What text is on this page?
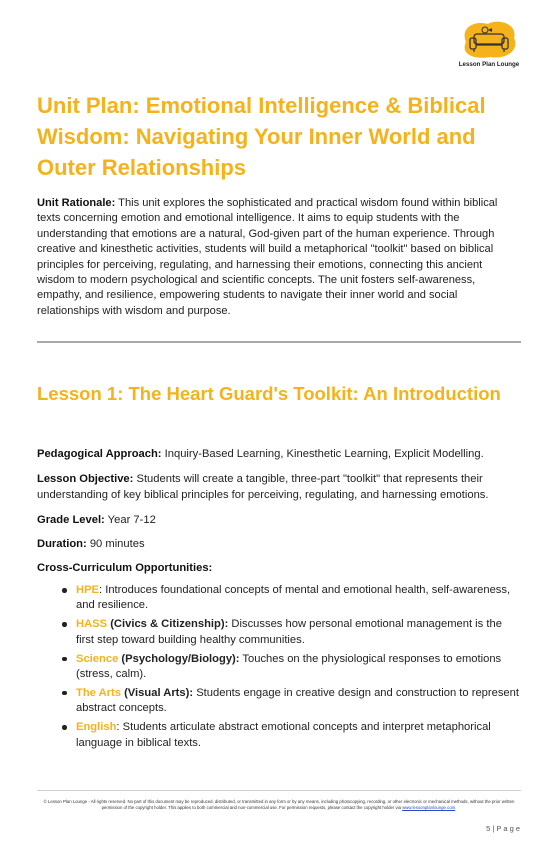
Lesson Plan Lounge
Unit Plan: Emotional Intelligence & Biblical Wisdom: Navigating Your Inner World and Outer Relationships

Unit Rationale: This unit explores the sophisticated and practical wisdom found within biblical texts concerning emotion and emotional intelligence. It aims to equip students with the understanding that emotions are a natural, God-given part of the human experience. Through creative and kinesthetic activities, students will build a metaphorical "toolkit" based on biblical principles for perceiving, regulating, and harnessing their emotions, connecting this ancient wisdom to modern psychological and scientific concepts. The unit fosters self-awareness, empathy, and resilience, empowering students to navigate their inner world and social relationships with wisdom and purpose.

Lesson 1: The Heart Guard's Toolkit: An Introduction

Pedagogical Approach: Inquiry-Based Learning, Kinesthetic Learning, Explicit Modelling.

Lesson Objective: Students will create a tangible, three-part "toolkit" that represents their understanding of key biblical principles for perceiving, regulating, and harnessing emotions.

Grade Level: Year 7-12

Duration: 90 minutes

Cross-Curriculum Opportunities:

HPE: Introduces foundational concepts of mental and emotional health, self-awareness, and resilience.
HASS (Civics & Citizenship): Discusses how personal emotional management is the first step toward building healthy communities.
Science (Psychology/Biology): Touches on the physiological responses to emotions (stress, calm).
The Arts (Visual Arts): Students engage in creative design and construction to represent abstract concepts.
English: Students articulate abstract emotional concepts and interpret metaphorical language in biblical texts.

© Lesson Plan Lounge - All rights reserved. No part of this document may be reproduced, distributed, or transmitted in any form or by any means, including photocopying, recording, or other electronic or mechanical methods, without the prior written permission of the copyright holder. This applies to both commercial and non-commercial use. For permission requests, please contact the copyright holder via www.lessonplanlounge.com.

5 | P a g e
